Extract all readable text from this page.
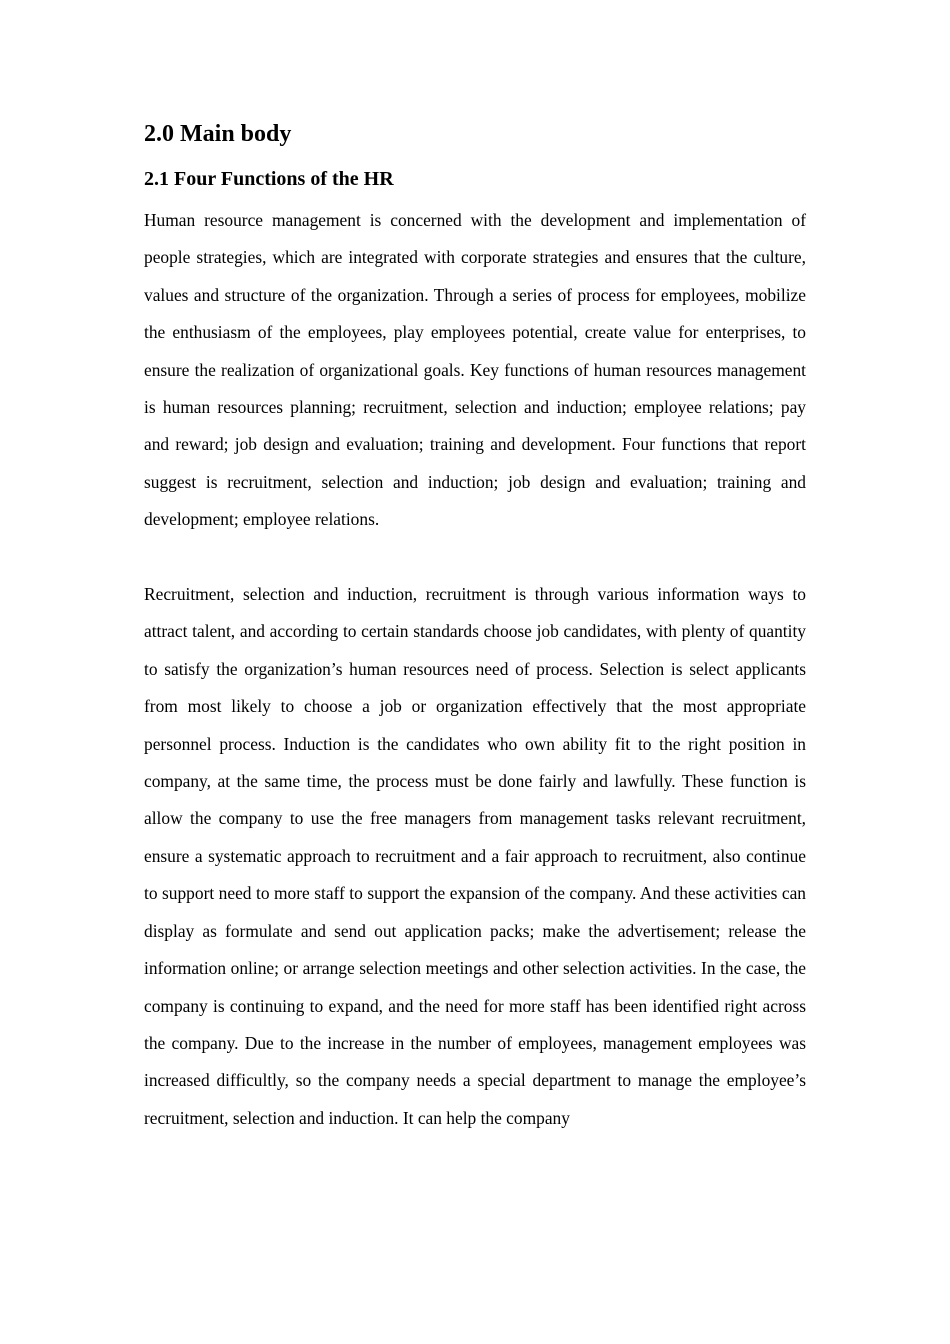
2.0 Main body
2.1 Four Functions of the HR

Human resource management is concerned with the development and implementation of people strategies, which are integrated with corporate strategies and ensures that the culture, values and structure of the organization. Through a series of process for employees, mobilize the enthusiasm of the employees, play employees potential, create value for enterprises, to ensure the realization of organizational goals. Key functions of human resources management is human resources planning; recruitment, selection and induction; employee relations; pay and reward; job design and evaluation; training and development. Four functions that report suggest is recruitment, selection and induction; job design and evaluation; training and development; employee relations.

Recruitment, selection and induction, recruitment is through various information ways to attract talent, and according to certain standards choose job candidates, with plenty of quantity to satisfy the organization’s human resources need of process. Selection is select applicants from most likely to choose a job or organization effectively that the most appropriate personnel process. Induction is the candidates who own ability fit to the right position in company, at the same time, the process must be done fairly and lawfully. These function is allow the company to use the free managers from management tasks relevant recruitment, ensure a systematic approach to recruitment and a fair approach to recruitment, also continue to support need to more staff to support the expansion of the company. And these activities can display as formulate and send out application packs; make the advertisement; release the information online; or arrange selection meetings and other selection activities. In the case, the company is continuing to expand, and the need for more staff has been identified right across the company. Due to the increase in the number of employees, management employees was increased difficultly, so the company needs a special department to manage the employee’s recruitment, selection and induction. It can help the company
